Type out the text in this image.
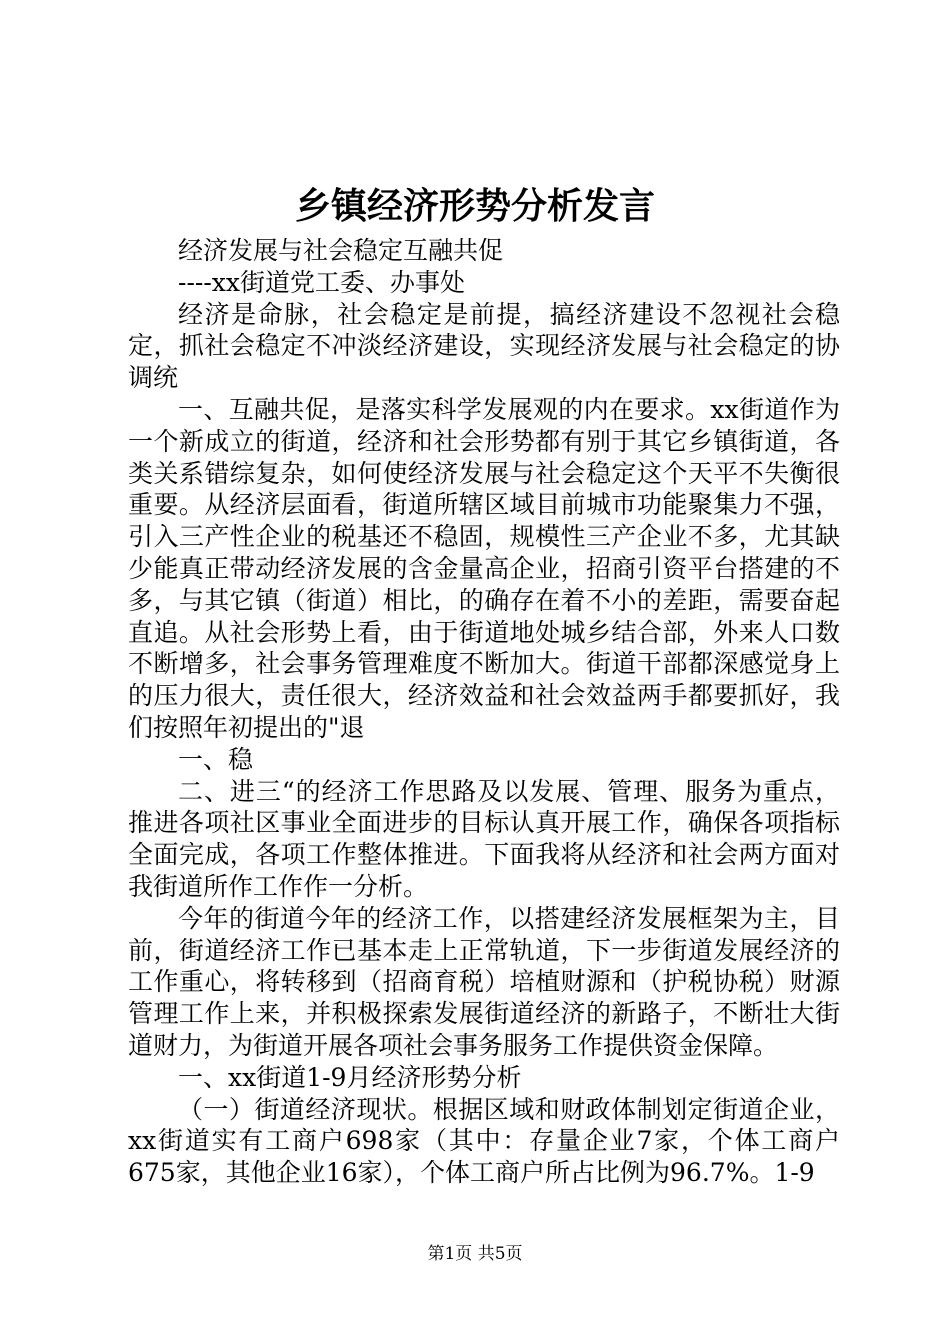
乡镇经济形势分析发言

经济发展与社会稳定互融共促

----xx街道党工委、办事处

经济是命脉，社会稳定是前提，搞经济建设不忽视社会稳定，抓社会稳定不冲淡经济建设，实现经济发展与社会稳定的协调统

一、互融共促，是落实科学发展观的内在要求。xx街道作为一个新成立的街道，经济和社会形势都有别于其它乡镇街道，各类关系错综复杂，如何使经济发展与社会稳定这个天平不失衡很重要。从经济层面看，街道所辖区域目前城市功能聚集力不强，引入三产性企业的税基还不稳固，规模性三产企业不多，尤其缺少能真正带动经济发展的含金量高企业，招商引资平台搭建的不多，与其它镇（街道）相比，的确存在着不小的差距，需要奋起直追。从社会形势上看，由于街道地处城乡结合部，外来人口数不断增多，社会事务管理难度不断加大。街道干部都深感觉身上的压力很大，责任很大，经济效益和社会效益两手都要抓好，我们按照年初提出的"退

一、稳

二、进三“的经济工作思路及以发展、管理、服务为重点，推进各项社区事业全面进步的目标认真开展工作，确保各项指标全面完成，各项工作整体推进。下面我将从经济和社会两方面对我街道所作工作作一分析。

今年的街道今年的经济工作，以搭建经济发展框架为主，目前，街道经济工作已基本走上正常轨道，下一步街道发展经济的工作重心，将转移到（招商育税）培植财源和（护税协税）财源管理工作上来，并积极探索发展街道经济的新路子，不断壮大街道财力，为街道开展各项社会事务服务工作提供资金保障。

一、xx街道1-9月经济形势分析

（一）街道经济现状。根据区域和财政体制划定街道企业，xx街道实有工商户698家（其中：存量企业7家，个体工商户675家，其他企业16家），个体工商户所占比例为96.7%。1-9

第1页 共5页
